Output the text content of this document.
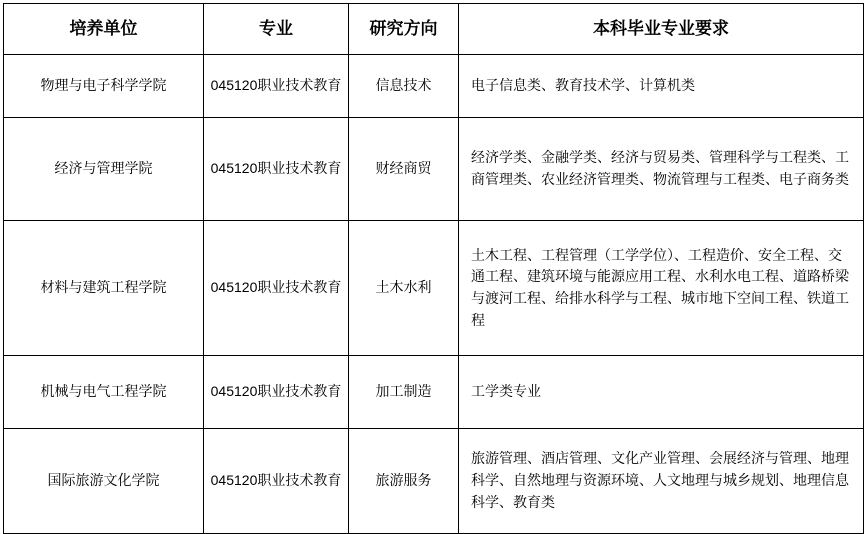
培养单位	专业	研究方向	本科毕业专业要求
物理与电子科学学院	045120职业技术教育	信息技术	电子信息类、教育技术学、计算机类
经济与管理学院	045120职业技术教育	财经商贸	经济学类、金融学类、经济与贸易类、管理科学与工程类、工商管理类、农业经济管理类、物流管理与工程类、电子商务类
材料与建筑工程学院	045120职业技术教育	土木水利	土木工程、工程管理（工学学位）、工程造价、安全工程、交通工程、建筑环境与能源应用工程、水利水电工程、道路桥梁与渡河工程、给排水科学与工程、城市地下空间工程、铁道工程
机械与电气工程学院	045120职业技术教育	加工制造	工学类专业
国际旅游文化学院	045120职业技术教育	旅游服务	旅游管理、酒店管理、文化产业管理、会展经济与管理、地理科学、自然地理与资源环境、人文地理与城乡规划、地理信息科学、教育类
